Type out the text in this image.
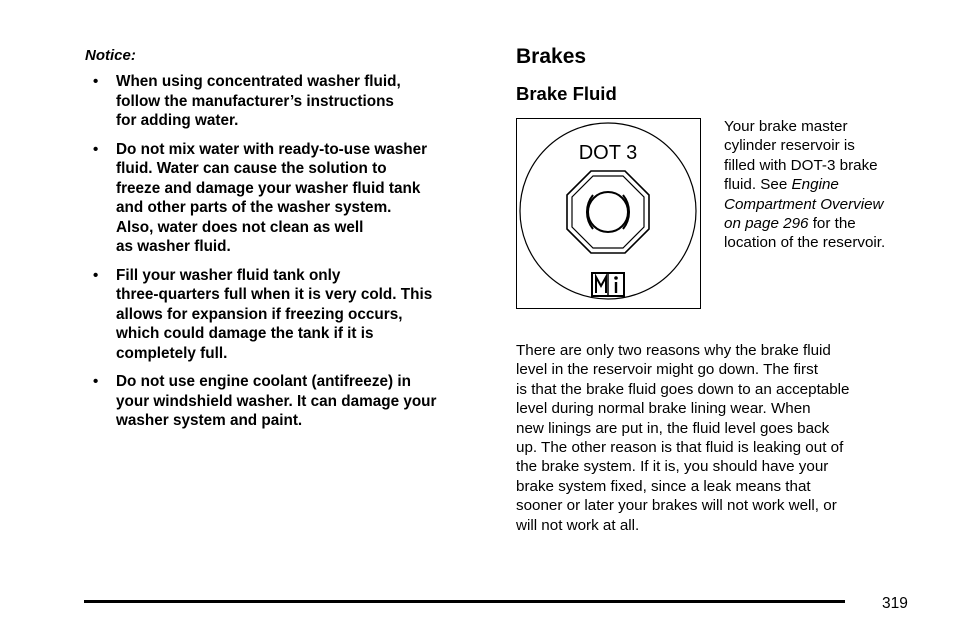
Notice:
• When using concentrated washer fluid,
follow the manufacturer’s instructions
for adding water.
• Do not mix water with ready-to-use washer
fluid. Water can cause the solution to
freeze and damage your washer fluid tank
and other parts of the washer system.
Also, water does not clean as well
as washer fluid.
• Fill your washer fluid tank only
three-quarters full when it is very cold. This
allows for expansion if freezing occurs,
which could damage the tank if it is
completely full.
• Do not use engine coolant (antifreeze) in
your windshield washer. It can damage your
washer system and paint.
Brakes
Brake Fluid
DOT 3
Your brake master
cylinder reservoir is
filled with DOT-3 brake
fluid. See Engine
Compartment Overview
on page 296 for the
location of the reservoir.
There are only two reasons why the brake fluid
level in the reservoir might go down. The first
is that the brake fluid goes down to an acceptable
level during normal brake lining wear. When
new linings are put in, the fluid level goes back
up. The other reason is that fluid is leaking out of
the brake system. If it is, you should have your
brake system fixed, since a leak means that
sooner or later your brakes will not work well, or
will not work at all.
319
